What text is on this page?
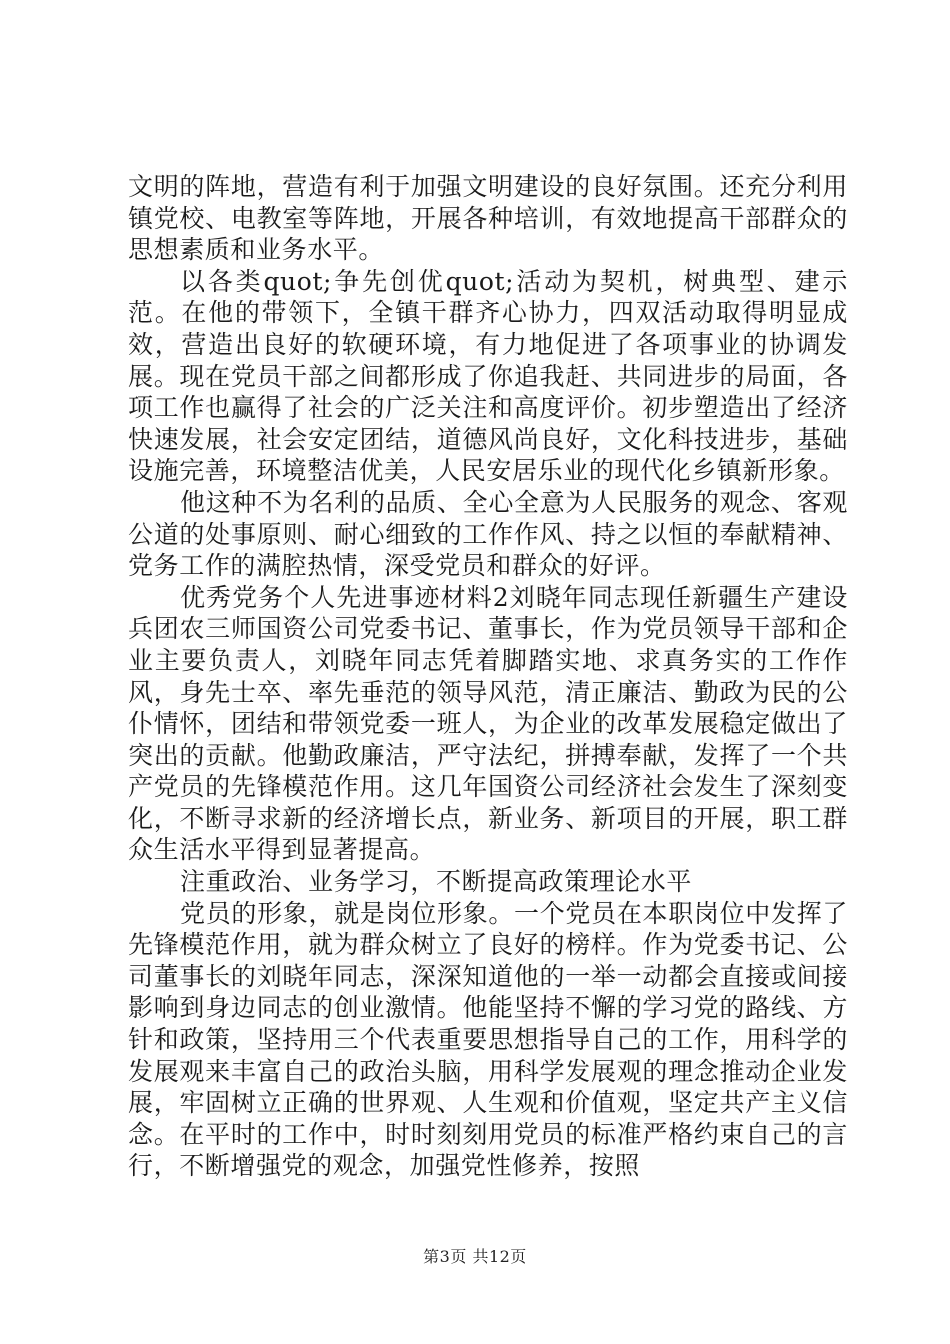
文明的阵地，营造有利于加强文明建设的良好氛围。还充分利用镇党校、电教室等阵地，开展各种培训，有效地提高干部群众的思想素质和业务水平。

以各类quot;争先创优quot;活动为契机，树典型、建示范。在他的带领下，全镇干群齐心协力，四双活动取得明显成效，营造出良好的软硬环境，有力地促进了各项事业的协调发展。现在党员干部之间都形成了你追我赶、共同进步的局面，各项工作也赢得了社会的广泛关注和高度评价。初步塑造出了经济快速发展，社会安定团结，道德风尚良好，文化科技进步，基础设施完善，环境整洁优美，人民安居乐业的现代化乡镇新形象。

他这种不为名利的品质、全心全意为人民服务的观念、客观公道的处事原则、耐心细致的工作作风、持之以恒的奉献精神、党务工作的满腔热情，深受党员和群众的好评。

优秀党务个人先进事迹材料2刘晓年同志现任新疆生产建设兵团农三师国资公司党委书记、董事长，作为党员领导干部和企业主要负责人，刘晓年同志凭着脚踏实地、求真务实的工作作风，身先士卒、率先垂范的领导风范，清正廉洁、勤政为民的公仆情怀，团结和带领党委一班人，为企业的改革发展稳定做出了突出的贡献。他勤政廉洁，严守法纪，拼搏奉献，发挥了一个共产党员的先锋模范作用。这几年国资公司经济社会发生了深刻变化，不断寻求新的经济增长点，新业务、新项目的开展，职工群众生活水平得到显著提高。

注重政治、业务学习，不断提高政策理论水平

党员的形象，就是岗位形象。一个党员在本职岗位中发挥了先锋模范作用，就为群众树立了良好的榜样。作为党委书记、公司董事长的刘晓年同志，深深知道他的一举一动都会直接或间接影响到身边同志的创业激情。他能坚持不懈的学习党的路线、方针和政策，坚持用三个代表重要思想指导自己的工作，用科学的发展观来丰富自己的政治头脑，用科学发展观的理念推动企业发展，牢固树立正确的世界观、人生观和价值观，坚定共产主义信念。在平时的工作中，时时刻刻用党员的标准严格约束自己的言行，不断增强党的观念，加强党性修养，按照

第3页 共12页
